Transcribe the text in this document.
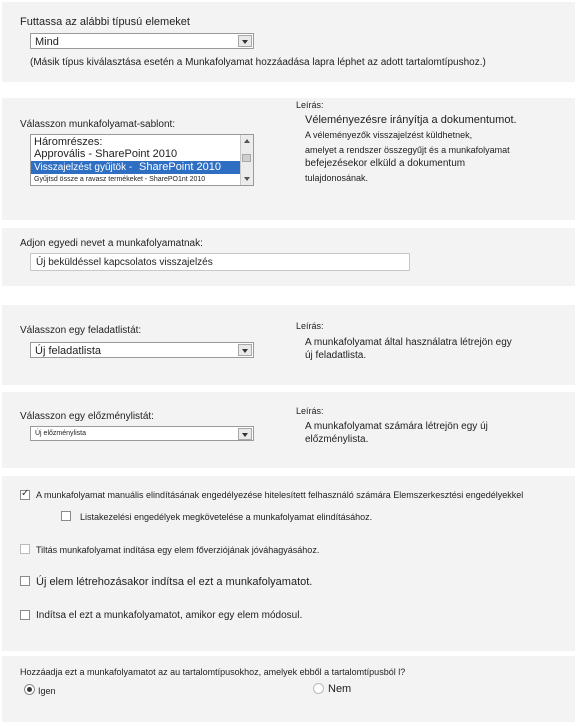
Futtassa az alábbi típusú elemeket
Mind
(Másik típus kiválasztása esetén a Munkafolyamat hozzáadása lapra léphet az adott tartalomtípushoz.)
Válasszon munkafolyamat-sablont:
Háromrészes:
Approvális - SharePoint 2010
Visszajelzést gyűjtök - SharePoint 2010
Gyűjtsd össze a ravasz termékeket - SharePO1nt 2010
Leírás:
Véleményezésre irányítja a dokumentumot.
A véleményezők visszajelzést küldhetnek,
amelyet a rendszer összegyűjt és a munkafolyamat
befejezésekor elküld a dokumentum
tulajdonosának.
Adjon egyedi nevet a munkafolyamatnak:
Új beküldéssel kapcsolatos visszajelzés
Válasszon egy feladatlistát:
Új feladatlista
Leírás:
A munkafolyamat által használatra létrejön egy
új feladatlista.
Válasszon egy előzménylistát:
Új előzménylista
Leírás:
A munkafolyamat számára létrejön egy új
előzménylista.
✓
A munkafolyamat manuális elindításának engedélyezése hitelesített felhasználó számára Elemszerkesztési engedélyekkel
Listakezelési engedélyek megkövetelése a munkafolyamat elindításához.
Tiltás munkafolyamat indítása egy elem főverziójának jóváhagyásához.
Új elem létrehozásakor indítsa el ezt a munkafolyamatot.
Indítsa el ezt a munkafolyamatot, amikor egy elem módosul.
Hozzáadja ezt a munkafolyamatot az au tartalomtípusokhoz, amelyek ebből a tartalomtípusból l?
Igen	Nem
